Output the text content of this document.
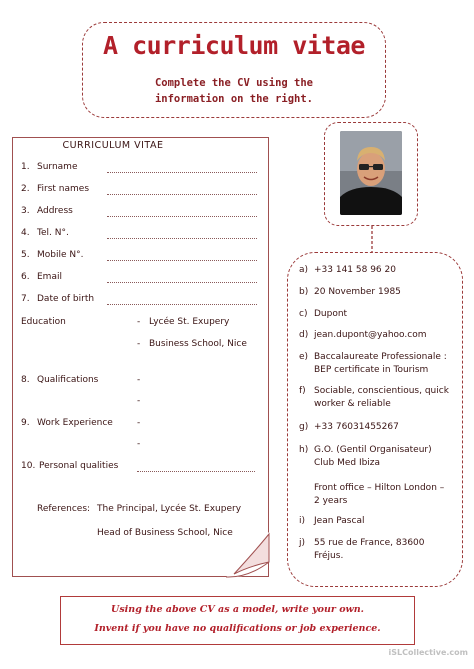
A curriculum vitae
Complete the CV using the
information on the right.
CURRICULUM VITAE
1. Surname
2. First names
3. Address
4. Tel. N°.
5. Mobile N°.
6. Email
7. Date of birth
Education	- Lycée St. Exupery
- Business School, Nice
8. Qualifications	-
-
9. Work Experience	-
-
10. Personal qualities
References: The Principal, Lycée St. Exupery
Head of Business School, Nice
a) +33 141 58 96 20
b) 20 November 1985
c) Dupont
d) jean.dupont@yahoo.com
e) Baccalaureate Professionale :
BEP certificate in Tourism
f) Sociable, conscientious, quick
worker & reliable
g) +33 76031455267
h) G.O. (Gentil Organisateur)
Club Med Ibiza
Front office – Hilton London –
2 years
i) Jean Pascal
j) 55 rue de France, 83600
Fréjus.
Using the above CV as a model, write your own.
Invent if you have no qualifications or job experience.
iSLCollective.com
